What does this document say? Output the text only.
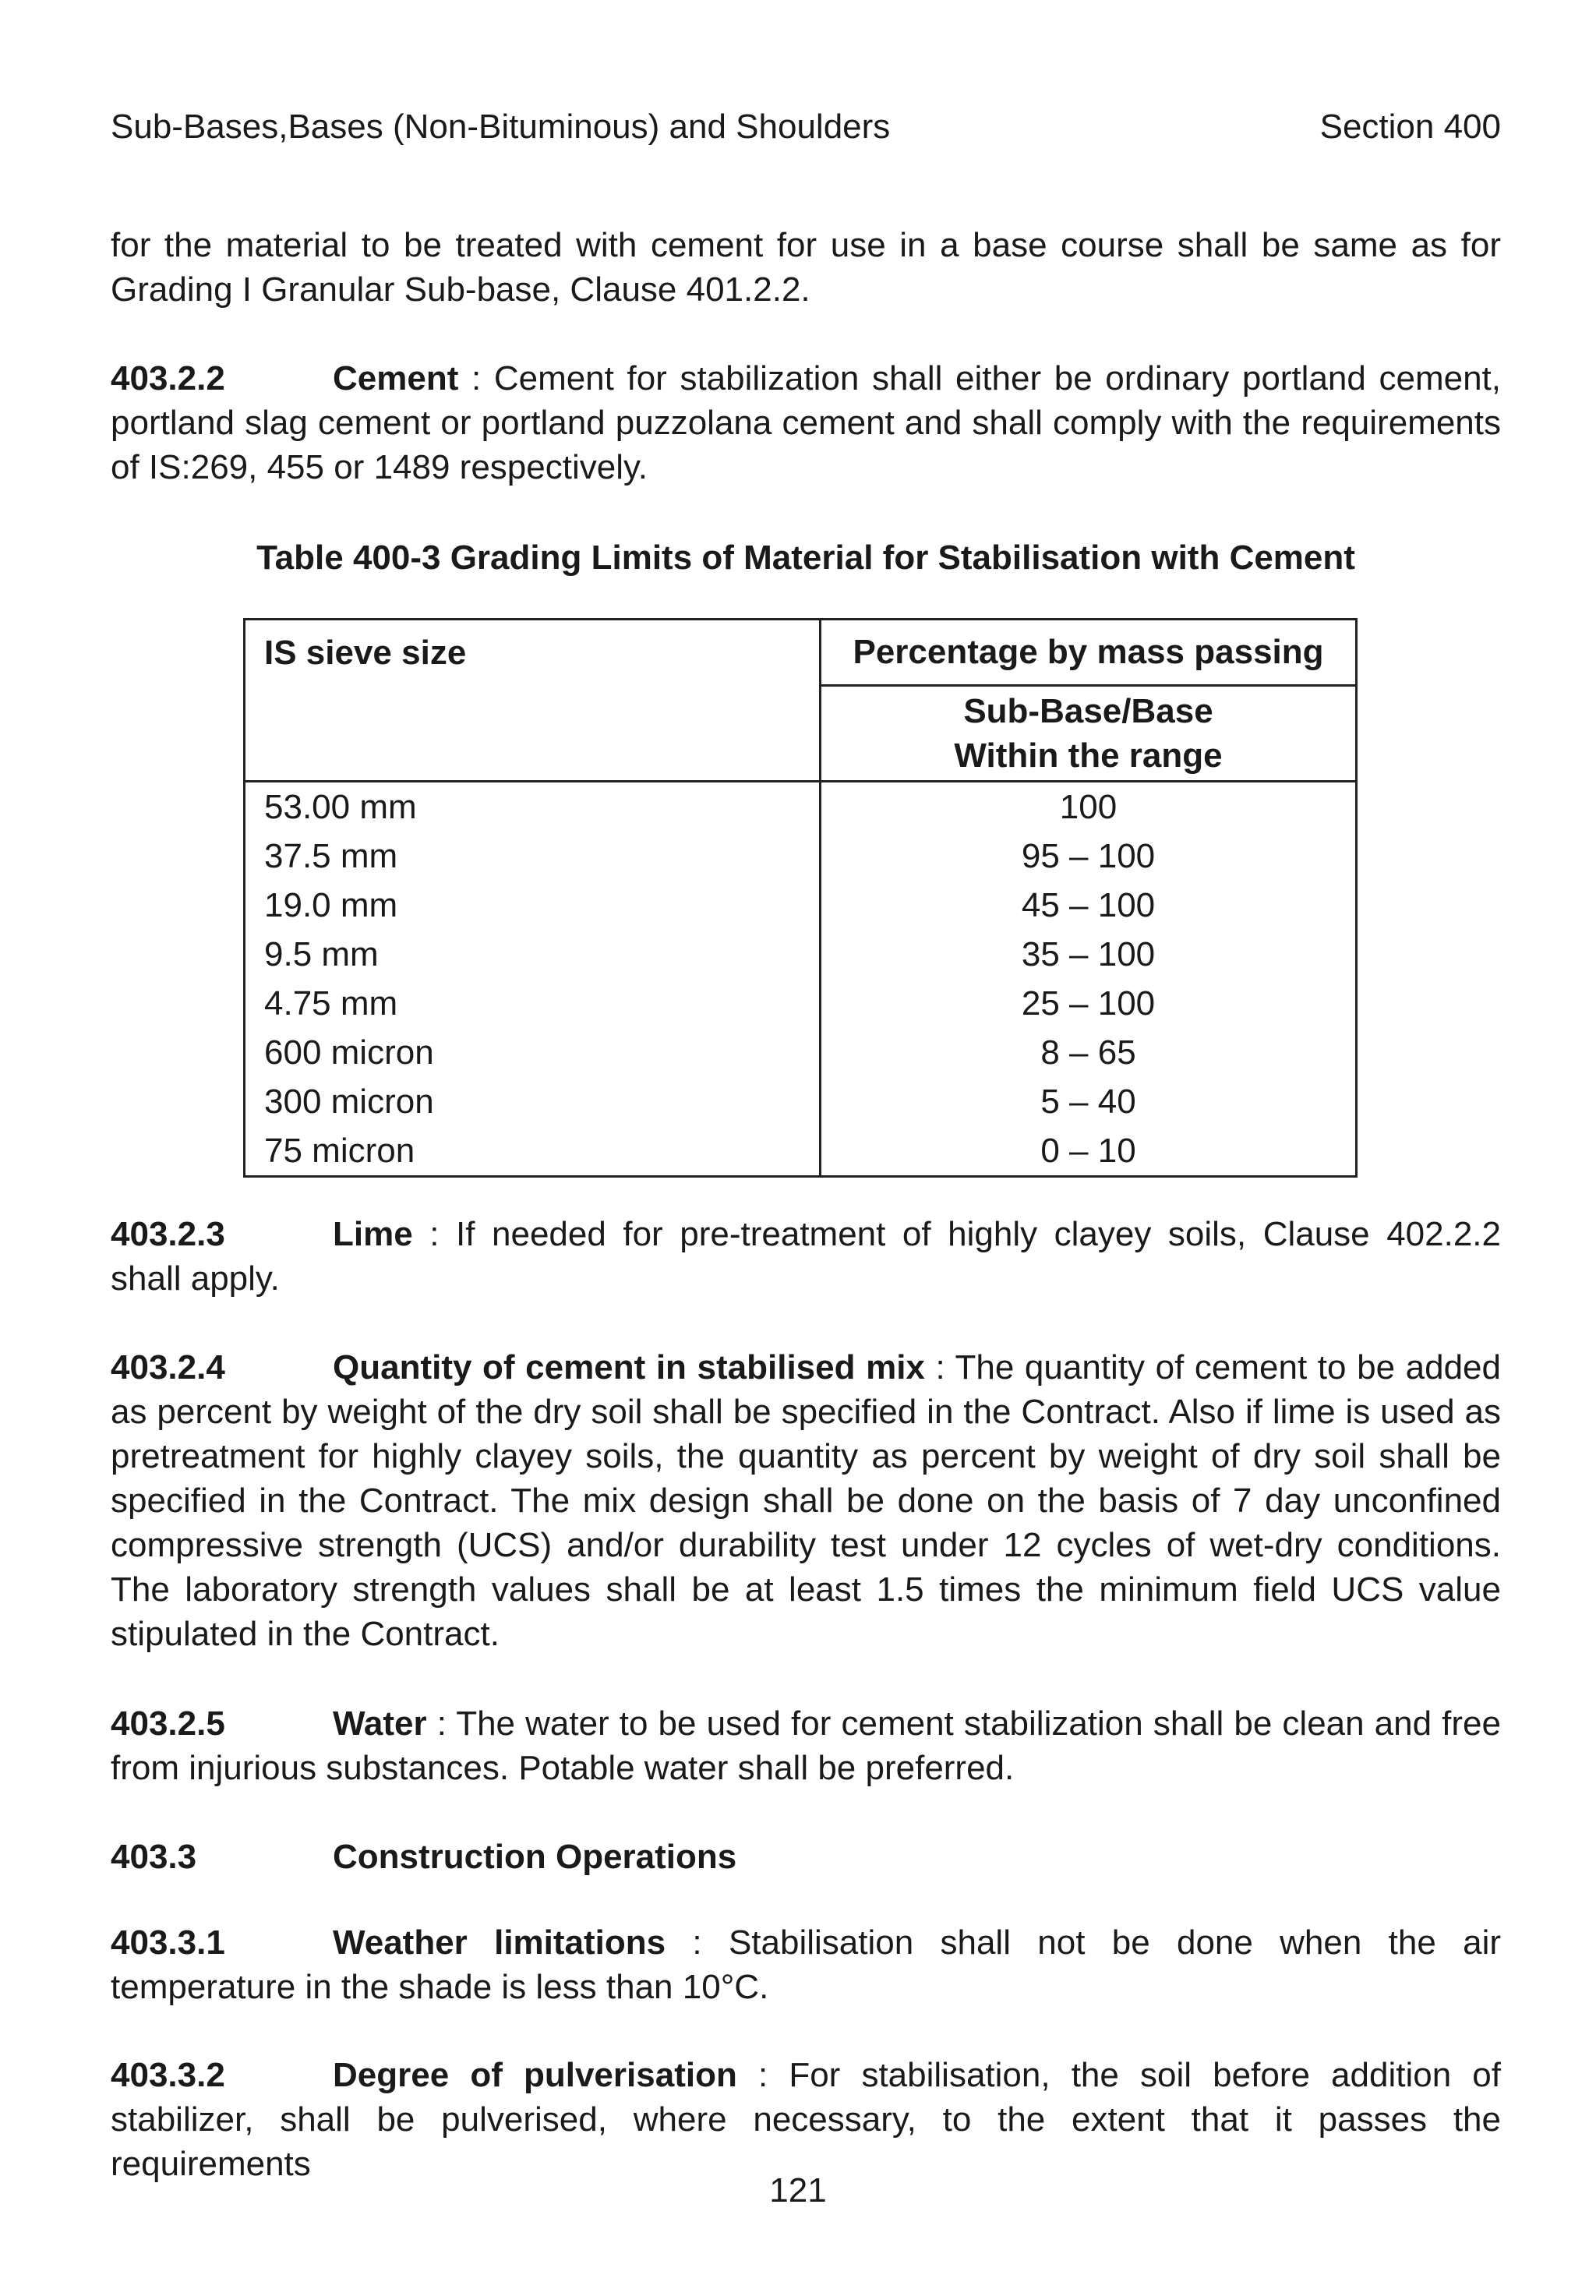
Sub-Bases,Bases (Non-Bituminous) and Shoulders	Section 400

for the material to be treated with cement for use in a base course shall be same as for Grading I Granular Sub-base, Clause 401.2.2.

403.2.2	Cement : Cement for stabilization shall either be ordinary portland cement, portland slag cement or portland puzzolana cement and shall comply with the requirements of IS:269, 455 or 1489 respectively.

Table 400-3 Grading Limits of Material for Stabilisation with Cement
IS sieve size	Percentage by mass passing

	Sub-Base/Base
Within the range

53.00 mm	100
37.5 mm	95 – 100
19.0 mm	45 – 100
9.5 mm	35 – 100
4.75 mm	25 – 100
600 micron	8 – 65
300 micron	5 – 40
75 micron	0 – 10

403.2.3	Lime : If needed for pre-treatment of highly clayey soils, Clause 402.2.2 shall apply.

403.2.4	Quantity of cement in stabilised mix : The quantity of cement to be added as percent by weight of the dry soil shall be specified in the Contract. Also if lime is used as pretreatment for highly clayey soils, the quantity as percent by weight of dry soil shall be specified in the Contract. The mix design shall be done on the basis of 7 day unconfined compressive strength (UCS) and/or durability test under 12 cycles of wet-dry conditions. The laboratory strength values shall be at least 1.5 times the minimum field UCS value stipulated in the Contract.

403.2.5	Water : The water to be used for cement stabilization shall be clean and free from injurious substances. Potable water shall be preferred.

403.3	Construction Operations

403.3.1	Weather limitations : Stabilisation shall not be done when the air temperature in the shade is less than 10°C.

403.3.2	Degree of pulverisation : For stabilisation, the soil before addition of stabilizer, shall be pulverised, where necessary, to the extent that it passes the requirements

121
